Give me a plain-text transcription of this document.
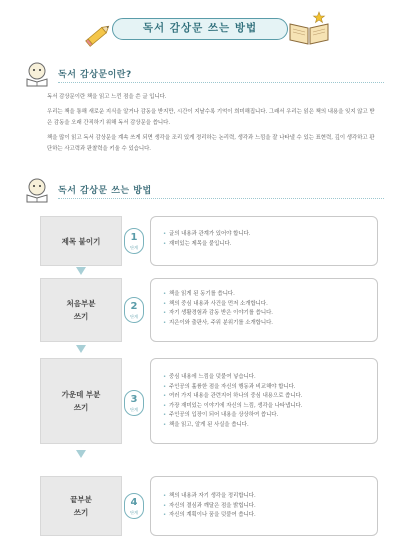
독서 감상문 쓰는 방법
독서 감상문이란?

독서 감상문이란 책을 읽고 느낀 점을 쓴 글 입니다.

우리는 책을 통해 새로운 지식을 알거나 감동을 받지만, 시간이 지날수록 기억이 희미해집니다. 그래서 우리는 읽은 책의 내용을 잊지 않고 받은 감동을 오래 간직하기 위해 독서 감상문을 씁니다.

책을 많이 읽고 독서 감상문을 계속 쓰게 되면 생각을 조리 있게 정리하는 논리력, 생각과 느낌을 잘 나타낼 수 있는 표현력, 깊이 생각하고 판단하는 사고력과 판찰력을 키울 수 있습니다.

독서 감상문 쓰는 방법
제목 붙이기	1
단계
• 글의 내용과 관계가 있어야 합니다.
• 재미있는 제목을 붙입니다.
처음부분
쓰기
2
단계
• 책을 읽게 된 동기를 씁니다.
• 책의 중심 내용과 사건을 먼저 소개합니다.
• 자기 생활경험과 감동 받은 이야기를 씁니다.
• 지은이와 출판사, 주위 분위기를 소개합니다.
가운데 부분
쓰기
3
단계
• 중심 내용에 느낌을 덧붙여 넣습니다.
• 주인공의 훌륭한 점을 자신의 행동과 비교해야 합니다.
• 여러 가지 내용을 관련지어 하나의 중심 내용으로 씁니다.
• 가장 재미있는 이야기에 자신의 느낌, 생각을 나타냅니다.
• 주인공의 입장이 되어 내용을 상상하여 씁니다.
• 책을 읽고, 알게 된 사실을 씁니다.
끝부분
쓰기
4
단계
• 책의 내용과 자기 생각을 정리합니다.
• 자신의 결심과 깨달은 점을 밝힙니다.
• 자신의 계획이나 꿈을 덧붙여 씁니다.
